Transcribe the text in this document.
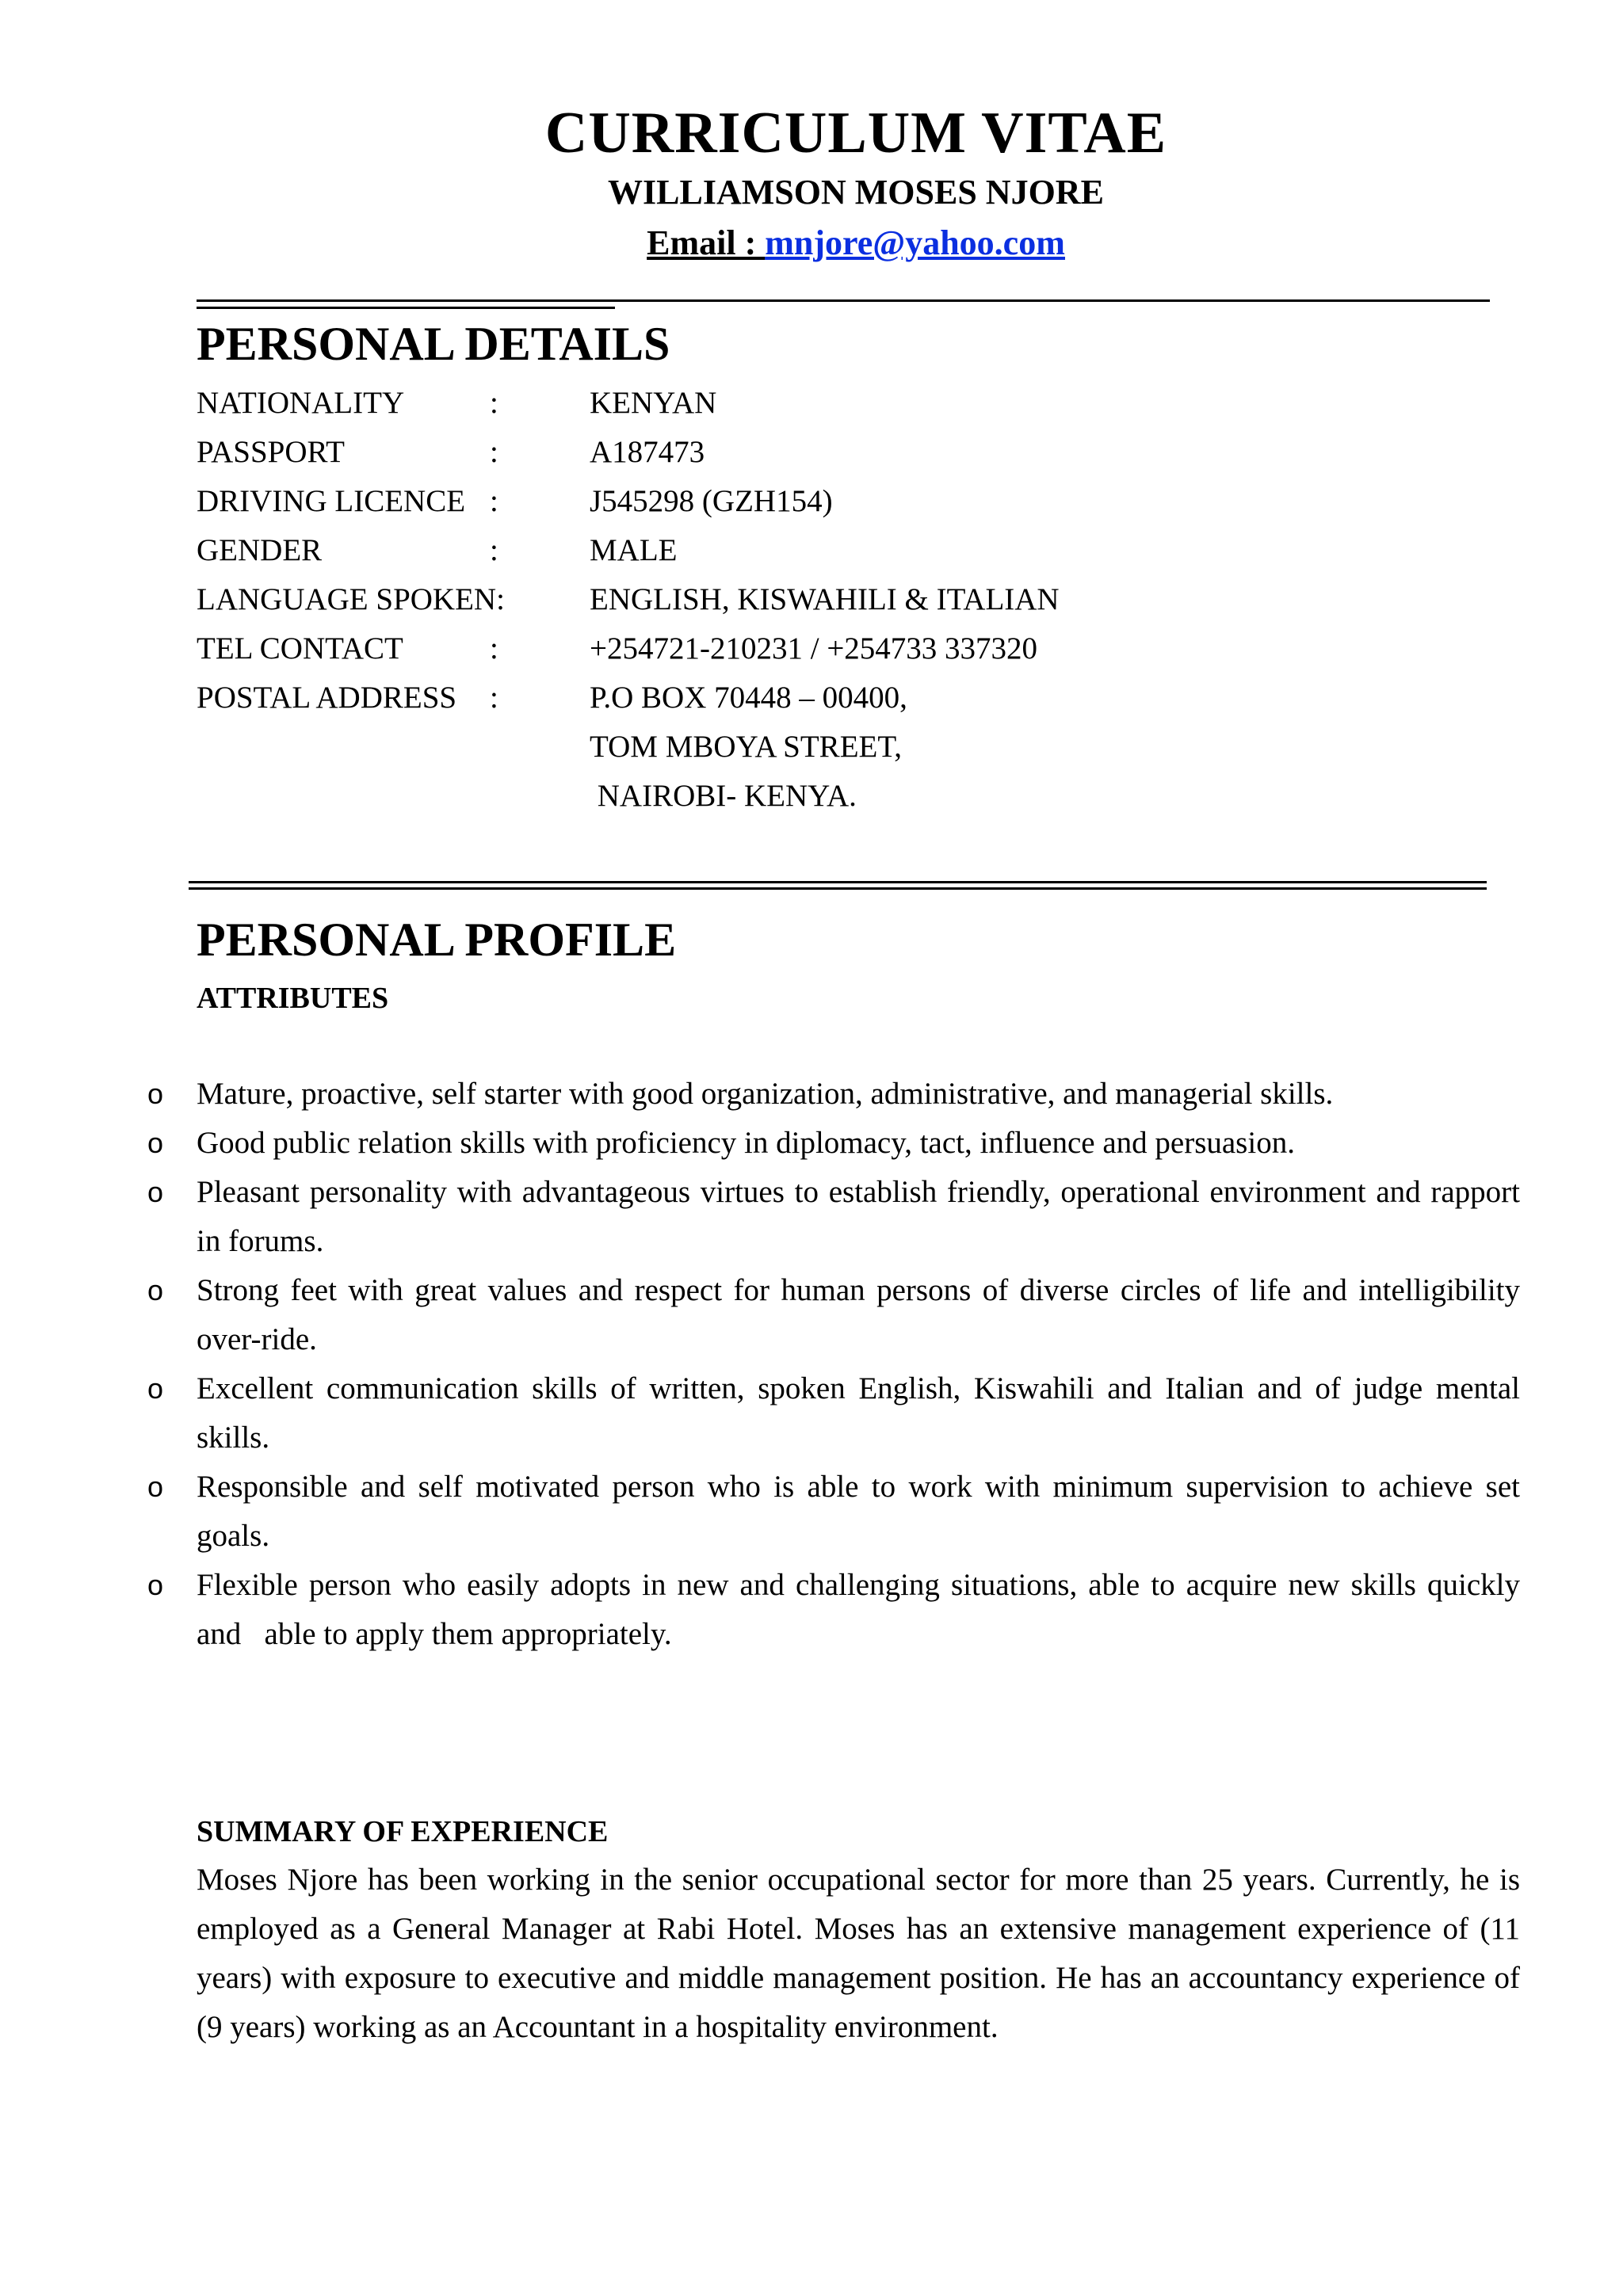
CURRICULUM VITAE
WILLIAMSON MOSES NJORE
Email : mnjore@yahoo.com
PERSONAL DETAILS
NATIONALITY	:	KENYAN
PASSPORT	:	A187473
DRIVING LICENCE :	J545298 (GZH154)
GENDER	:	MALE
LANGUAGE SPOKEN:	ENGLISH, KISWAHILI & ITALIAN
TEL CONTACT	:	+254721-210231 / +254733 337320
POSTAL ADDRESS :	P.O BOX 70448 – 00400,
TOM MBOYA STREET,
NAIROBI- KENYA.
PERSONAL PROFILE
ATTRIBUTES
o Mature, proactive, self starter with good organization, administrative, and managerial skills.
o Good public relation skills with proficiency in diplomacy, tact, influence and persuasion.
o Pleasant personality with advantageous virtues to establish friendly, operational environment and rapport in forums.
o Strong feet with great values and respect for human persons of diverse circles of life and intelligibility over-ride.
o Excellent communication skills of written, spoken English, Kiswahili and Italian and of judge mental skills.
o Responsible and self motivated person who is able to work with minimum supervision to achieve set goals.
o Flexible person who easily adopts in new and challenging situations, able to acquire new skills quickly and   able to apply them appropriately.
SUMMARY OF EXPERIENCE
Moses Njore has been working in the senior occupational sector for more than 25 years. Currently, he is employed as a General Manager at Rabi Hotel. Moses has an extensive management experience of (11 years) with exposure to executive and middle management position. He has an accountancy experience of (9 years) working as an Accountant in a hospitality environment.
